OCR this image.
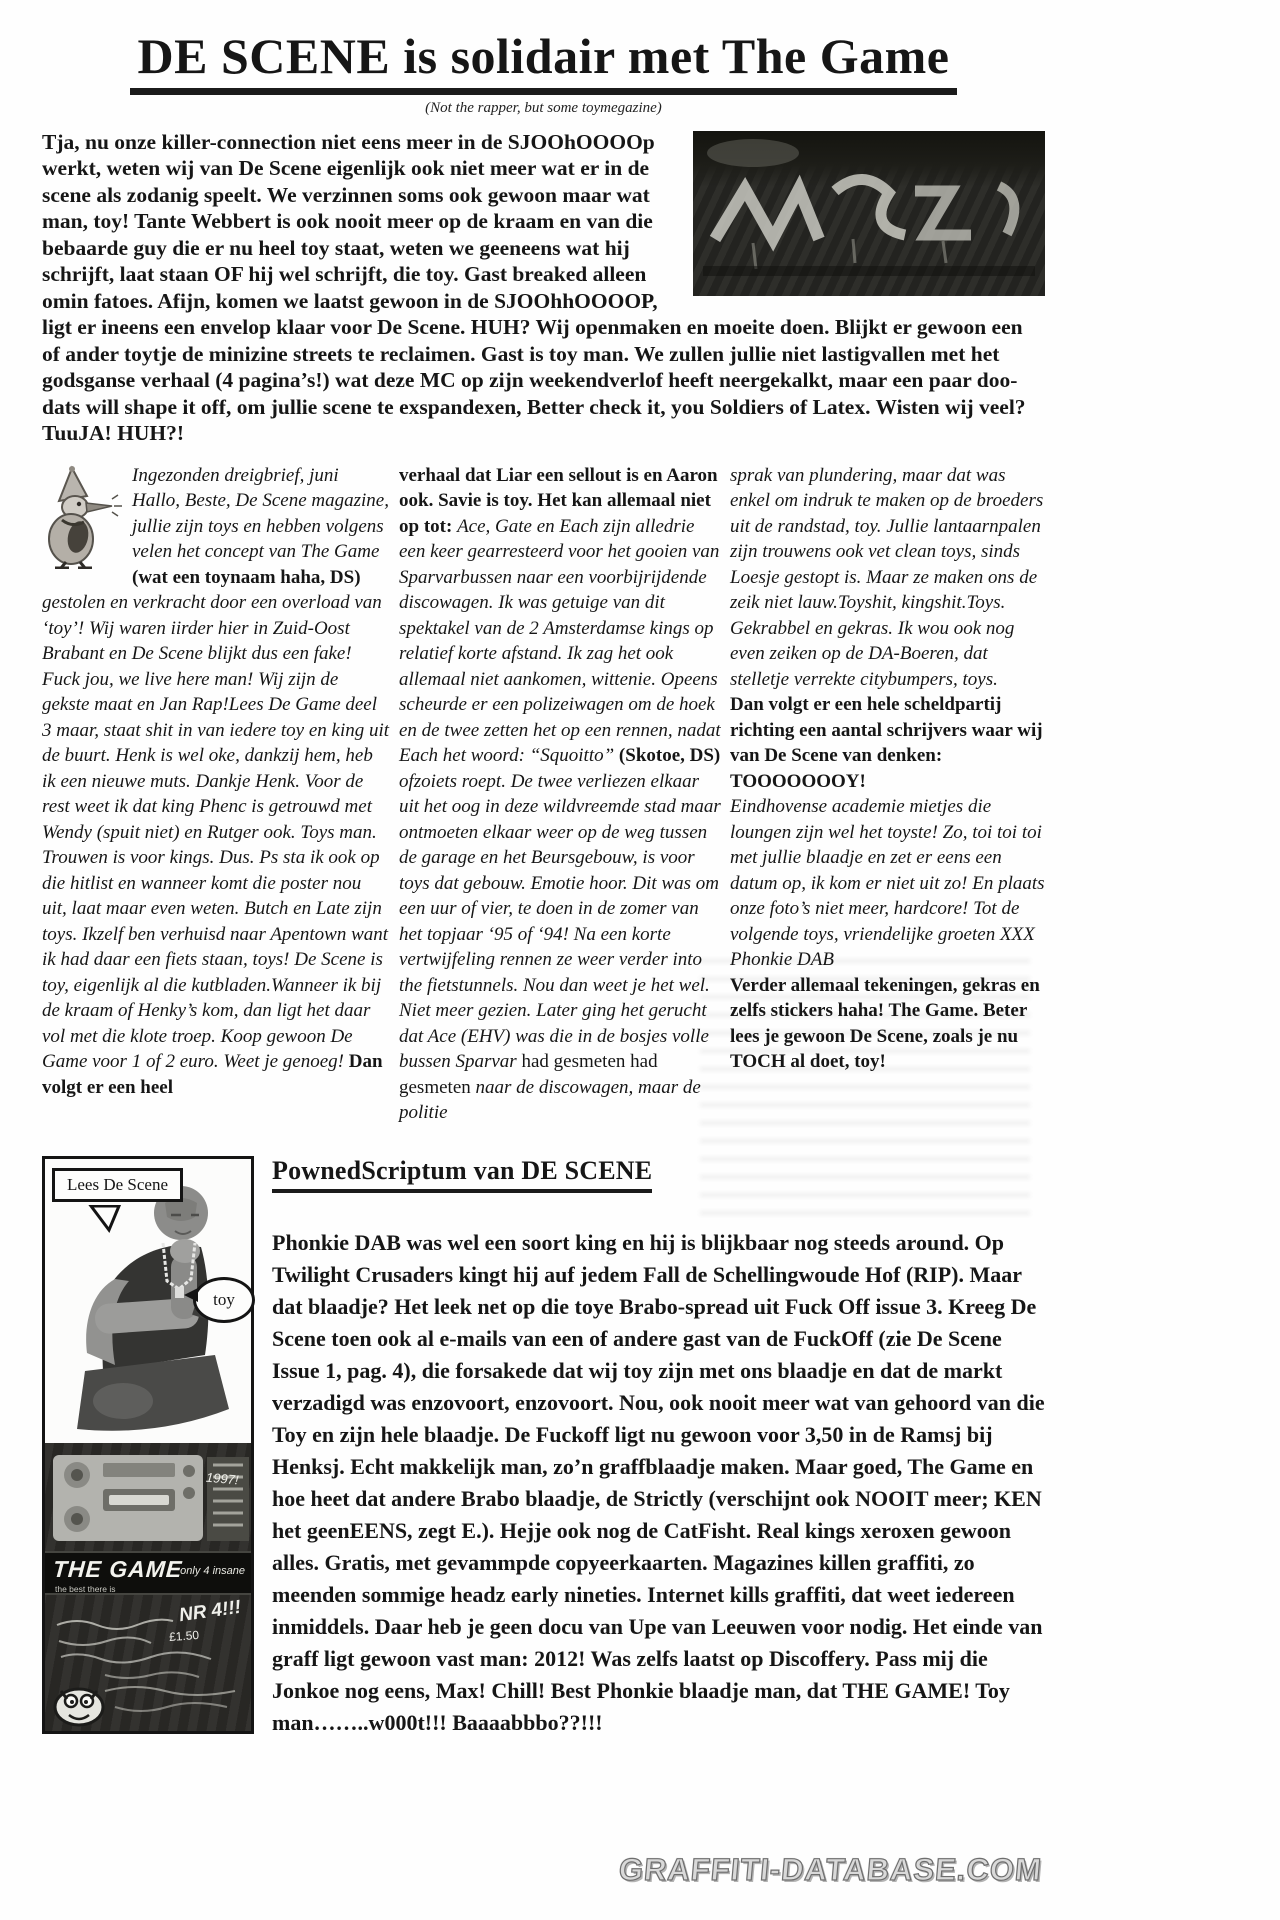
DE SCENE is solidair met The Game
(Not the rapper, but some toymegazine)

Tja, nu onze killer-connection niet eens meer in de SJOOhOOOOp werkt, weten wij van De Scene eigenlijk ook niet meer wat er in de scene als zodanig speelt. We verzinnen soms ook gewoon maar wat man, toy! Tante Webbert is ook nooit meer op de kraam en van die bebaarde guy die er nu heel toy staat, weten we geeneens wat hij schrijft, laat staan OF hij wel schrijft, die toy. Gast breaked alleen omin fatoes. Afijn, komen we laatst gewoon in de SJOOhhOOOOP, ligt er ineens een envelop klaar voor De Scene. HUH? Wij openmaken en moeite doen. Blijkt er gewoon een of ander toytje de minizine streets te reclaimen. Gast is toy man. We zullen jullie niet lastigvallen met het godsganse verhaal (4 pagina’s!) wat deze MC op zijn weekendverlof heeft neergekalkt, maar een paar doo-dats will shape it off, om jullie scene te exspandexen, Better check it, you Soldiers of Latex. Wisten wij veel? TuuJA! HUH?!

Ingezonden dreigbrief, juni
Hallo, Beste, De Scene magazine, jullie zijn toys en hebben volgens velen het concept van The Game (wat een toynaam haha, DS) gestolen en verkracht door een overload van ‘toy’! Wij waren iirder hier in Zuid-Oost Brabant en De Scene blijkt dus een fake! Fuck jou, we live here man! Wij zijn de gekste maat en Jan Rap!Lees De Game deel 3 maar, staat shit in van iedere toy en king uit de buurt. Henk is wel oke, dankzij hem, heb ik een nieuwe muts. Dankje Henk. Voor de rest weet ik dat king Phenc is getrouwd met Wendy (spuit niet) en Rutger ook. Toys man. Trouwen is voor kings. Dus. Ps sta ik ook op die hitlist en wanneer komt die poster nou uit, laat maar even weten. Butch en Late zijn toys. Ikzelf ben verhuisd naar Apentown want ik had daar een fiets staan, toys! De Scene is toy, eigenlijk al die kutbladen.Wanneer ik bij de kraam of Henky’s kom, dan ligt het daar vol met die klote troep. Koop gewoon De Game voor 1 of 2 euro. Weet je genoeg! Dan volgt er een heel

verhaal dat Liar een sellout is en Aaron ook. Savie is toy. Het kan allemaal niet op tot: Ace, Gate en Each zijn alledrie een keer gearresteerd voor het gooien van Sparvarbussen naar een voorbijrijdende discowagen. Ik was getuige van dit spektakel van de 2 Amsterdamse kings op relatief korte afstand. Ik zag het ook allemaal niet aankomen, wittenie. Opeens scheurde er een polizeiwagen om de hoek en de twee zetten het op een rennen, nadat Each het woord: “Squoitto” (Skotoe, DS) ofzoiets roept. De twee verliezen elkaar uit het oog in deze wildvreemde stad maar ontmoeten elkaar weer op de weg tussen de garage en het Beursgebouw, is voor toys dat gebouw. Emotie hoor. Dit was om een uur of vier, te doen in de zomer van het topjaar ‘95 of ‘94! Na een korte vertwijfeling rennen ze weer verder into the fietstunnels. Nou dan weet je het wel. Niet meer gezien. Later ging het gerucht dat Ace (EHV) was die in de bosjes volle bussen Sparvar had gesmeten had gesmeten naar de discowagen, maar de politie

sprak van plundering, maar dat was enkel om indruk te maken op de broeders uit de randstad, toy. Jullie lantaarnpalen zijn trouwens ook vet clean toys, sinds Loesje gestopt is. Maar ze maken ons de zeik niet lauw.Toyshit, kingshit.Toys. Gekrabbel en gekras. Ik wou ook nog even zeiken op de DA-Boeren, dat stelletje verrekte citybumpers, toys.
Dan volgt er een hele scheldpartij richting een aantal schrijvers waar wij van De Scene van denken: TOOOOOOOY!
Eindhovense academie mietjes die loungen zijn wel het toyste! Zo, toi toi toi met jullie blaadje en zet er eens een datum op, ik kom er niet uit zo! En plaats onze foto’s niet meer, hardcore! Tot de volgende toys, vriendelijke groeten XXX Phonkie DAB
Verder allemaal tekeningen, gekras en zelfs stickers haha! The Game. Beter lees je gewoon De Scene, zoals je nu TOCH al doet, toy!

Lees De Scene
toy
1997!
THE GAME
the best there is
only 4 insane
NR 4!!!
£1.50
PownedScriptum van DE SCENE

Phonkie DAB was wel een soort king en hij is blijkbaar nog steeds around. Op Twilight Crusaders kingt hij auf jedem Fall de Schellingwoude Hof (RIP). Maar dat blaadje? Het leek net op die toye Brabo-spread uit Fuck Off issue 3. Kreeg De Scene toen ook al e-mails van een of andere gast van de FuckOff (zie De Scene Issue 1, pag. 4), die forsakede dat wij toy zijn met ons blaadje en dat de markt verzadigd was enzovoort, enzovoort. Nou, ook nooit meer wat van gehoord van die Toy en zijn hele blaadje. De Fuckoff ligt nu gewoon voor 3,50 in de Ramsj bij Henksj. Echt makkelijk man, zo’n graffblaadje maken. Maar goed, The Game en hoe heet dat andere Brabo blaadje, de Strictly (verschijnt ook NOOIT meer; KEN het geenEENS, zegt E.). Hejje ook nog de CatFisht. Real kings xeroxen gewoon alles. Gratis, met gevammpde copyeerkaarten. Magazines killen graffiti, zo meenden sommige headz early nineties. Internet kills graffiti, dat weet iedereen inmiddels. Daar heb je geen docu van Upe van Leeuwen voor nodig. Het einde van graff ligt gewoon vast man: 2012! Was zelfs laatst op Discoffery. Pass mij die Jonkoe nog eens, Max! Chill! Best Phonkie blaadje man, dat THE GAME! Toy man……..w000t!!! Baaaabbbo??!!!

GRAFFITI-DATABASE.COM
